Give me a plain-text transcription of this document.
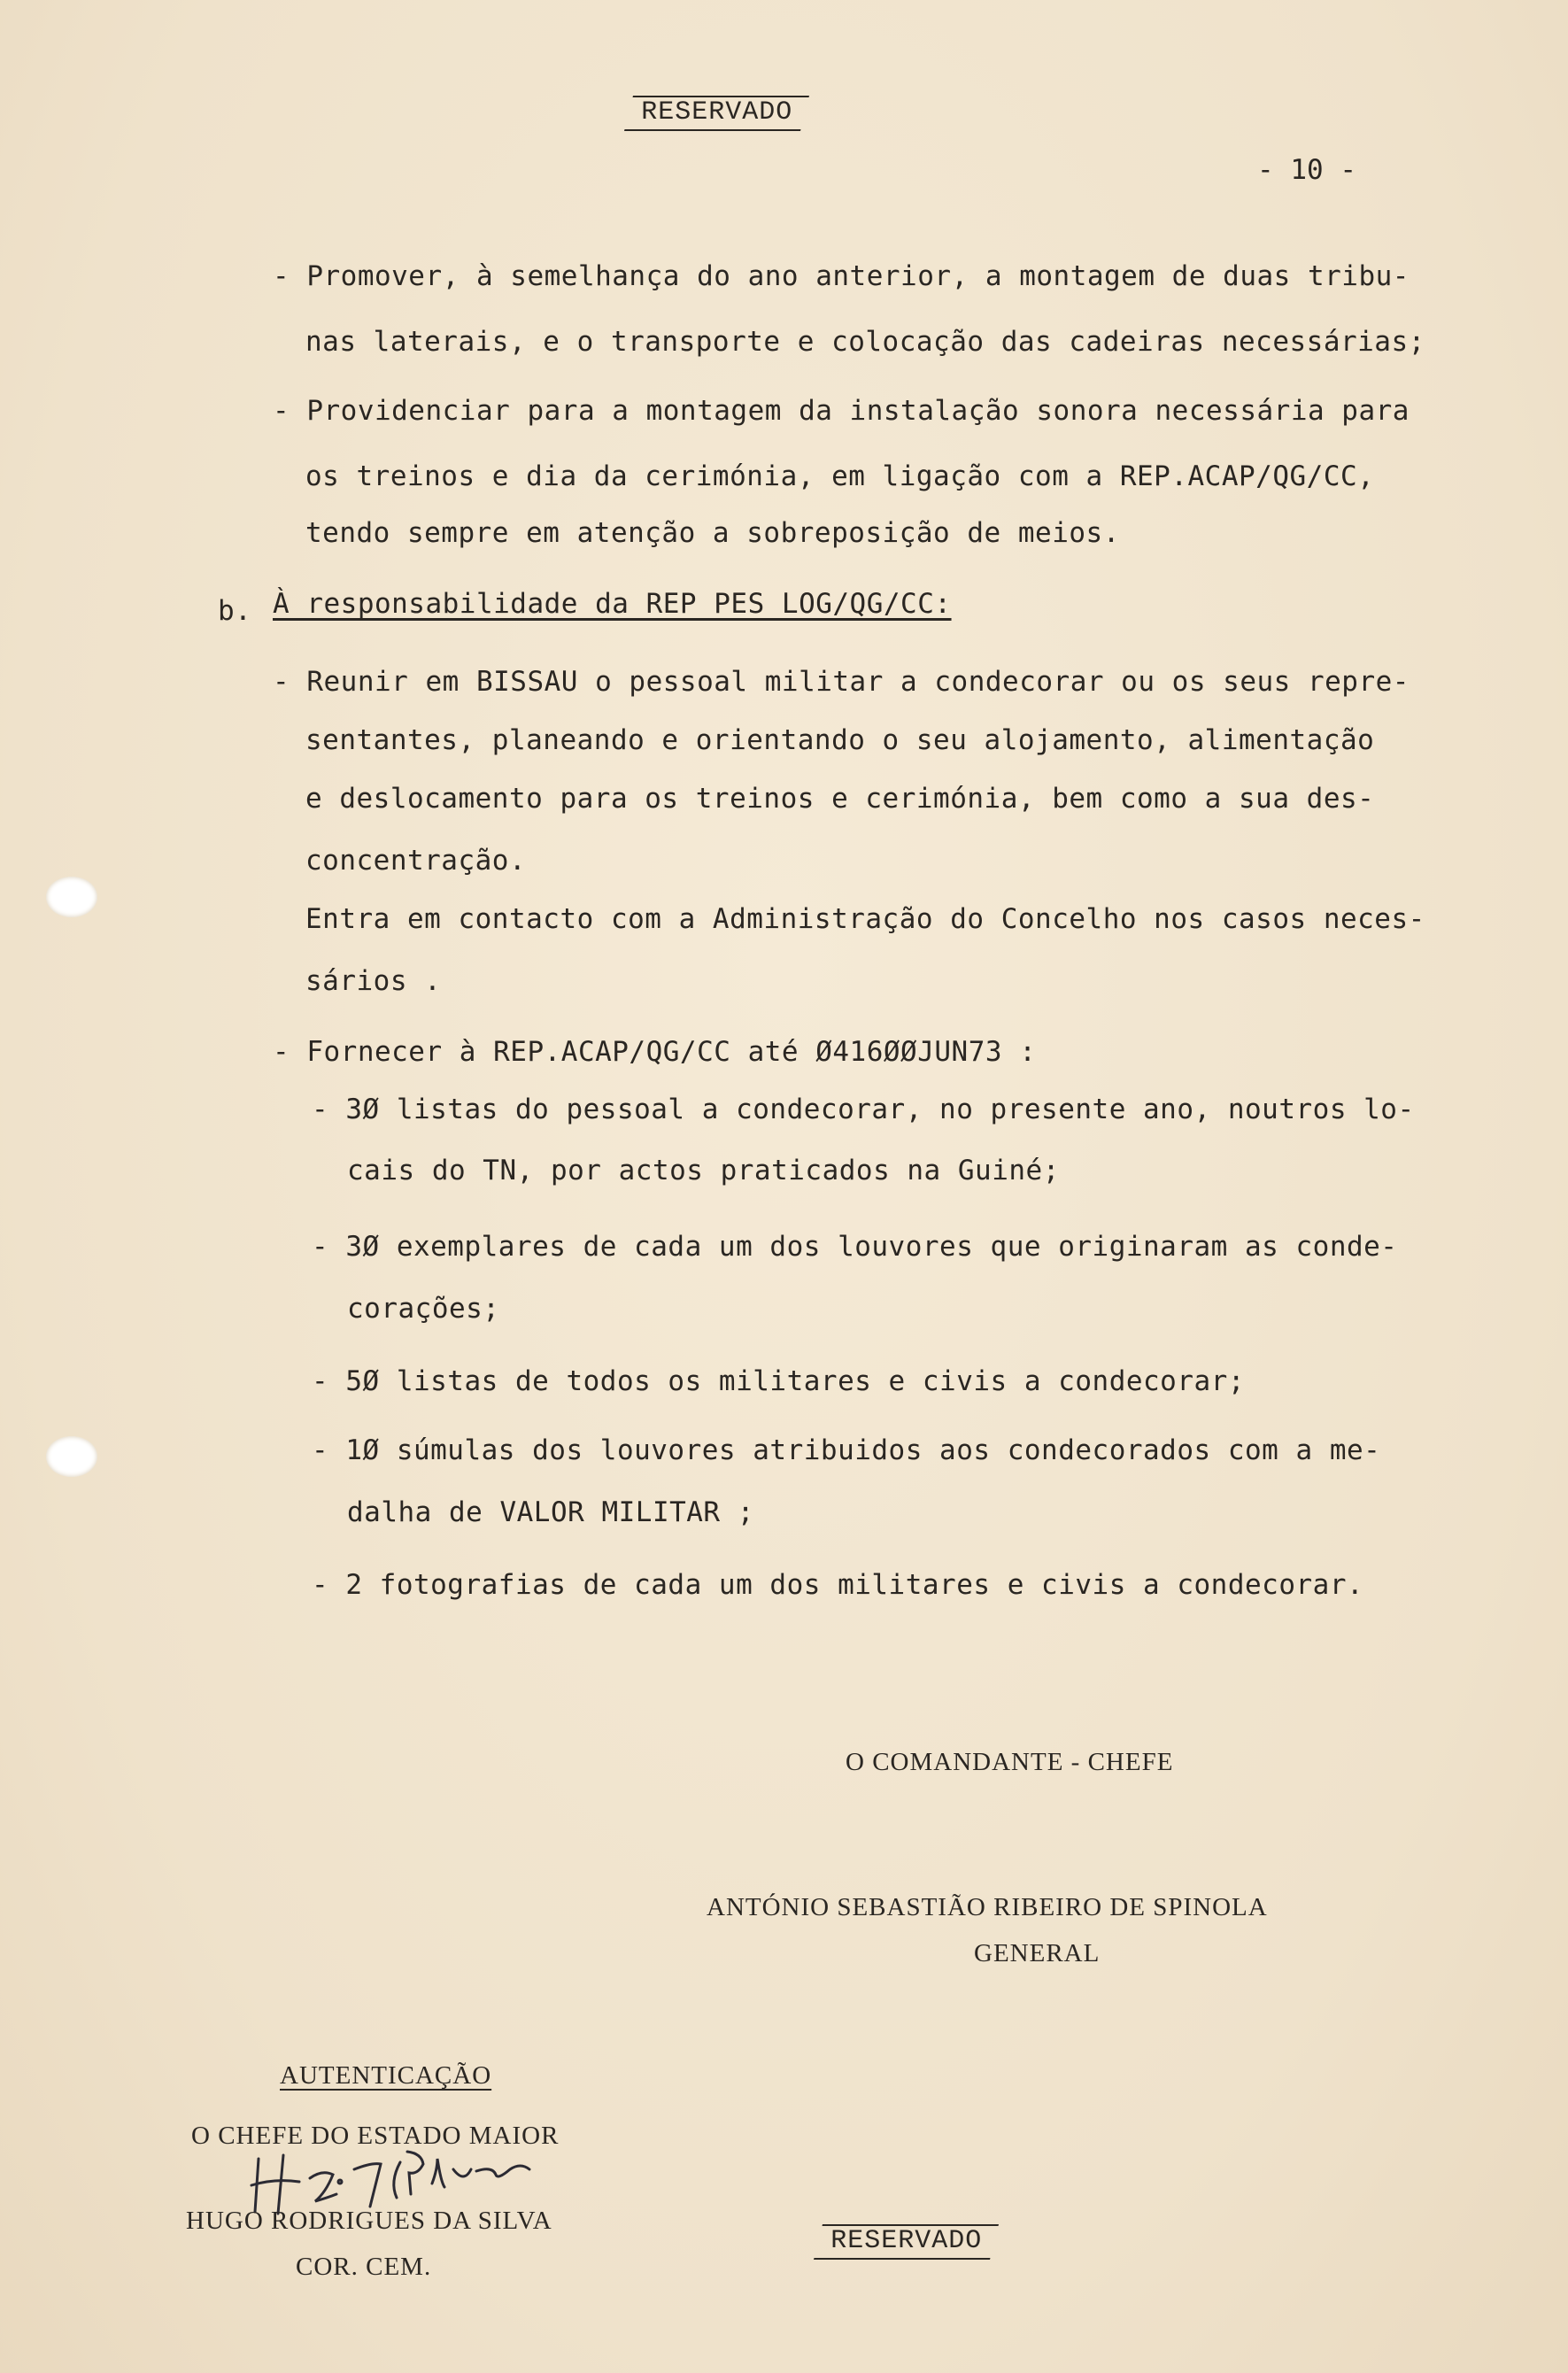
RESERVADO
- 10 -
- Promover, à semelhança do ano anterior, a montagem de duas tribu-
nas laterais, e o transporte e colocação das cadeiras necessárias;
- Providenciar para a montagem da instalação sonora necessária para
os treinos e dia da cerimónia, em ligação com a REP.ACAP/QG/CC,
tendo sempre em atenção a sobreposição de meios.
b. À responsabilidade da REP PES LOG/QG/CC:
- Reunir em BISSAU o pessoal militar a condecorar ou os seus repre-
sentantes, planeando e orientando o seu alojamento, alimentação
e deslocamento para os treinos e cerimónia, bem como a sua des-
concentração.
Entra em contacto com a Administração do Concelho nos casos neces-
sários .
- Fornecer à REP.ACAP/QG/CC até Ø416ØØJUN73 :
- 3Ø listas do pessoal a condecorar, no presente ano, noutros lo-
cais do TN, por actos praticados na Guiné;
- 3Ø exemplares de cada um dos louvores que originaram as conde-
corações;
- 5Ø listas de todos os militares e civis a condecorar;
- 1Ø súmulas dos louvores atribuidos aos condecorados com a me-
dalha de VALOR MILITAR ;
- 2 fotografias de cada um dos militares e civis a condecorar.
O COMANDANTE - CHEFE
ANTÓNIO SEBASTIÃO RIBEIRO DE SPINOLA
GENERAL
AUTENTICAÇÃO
O CHEFE DO ESTADO MAIOR
HUGO RODRIGUES DA SILVA
COR. CEM.
RESERVADO
